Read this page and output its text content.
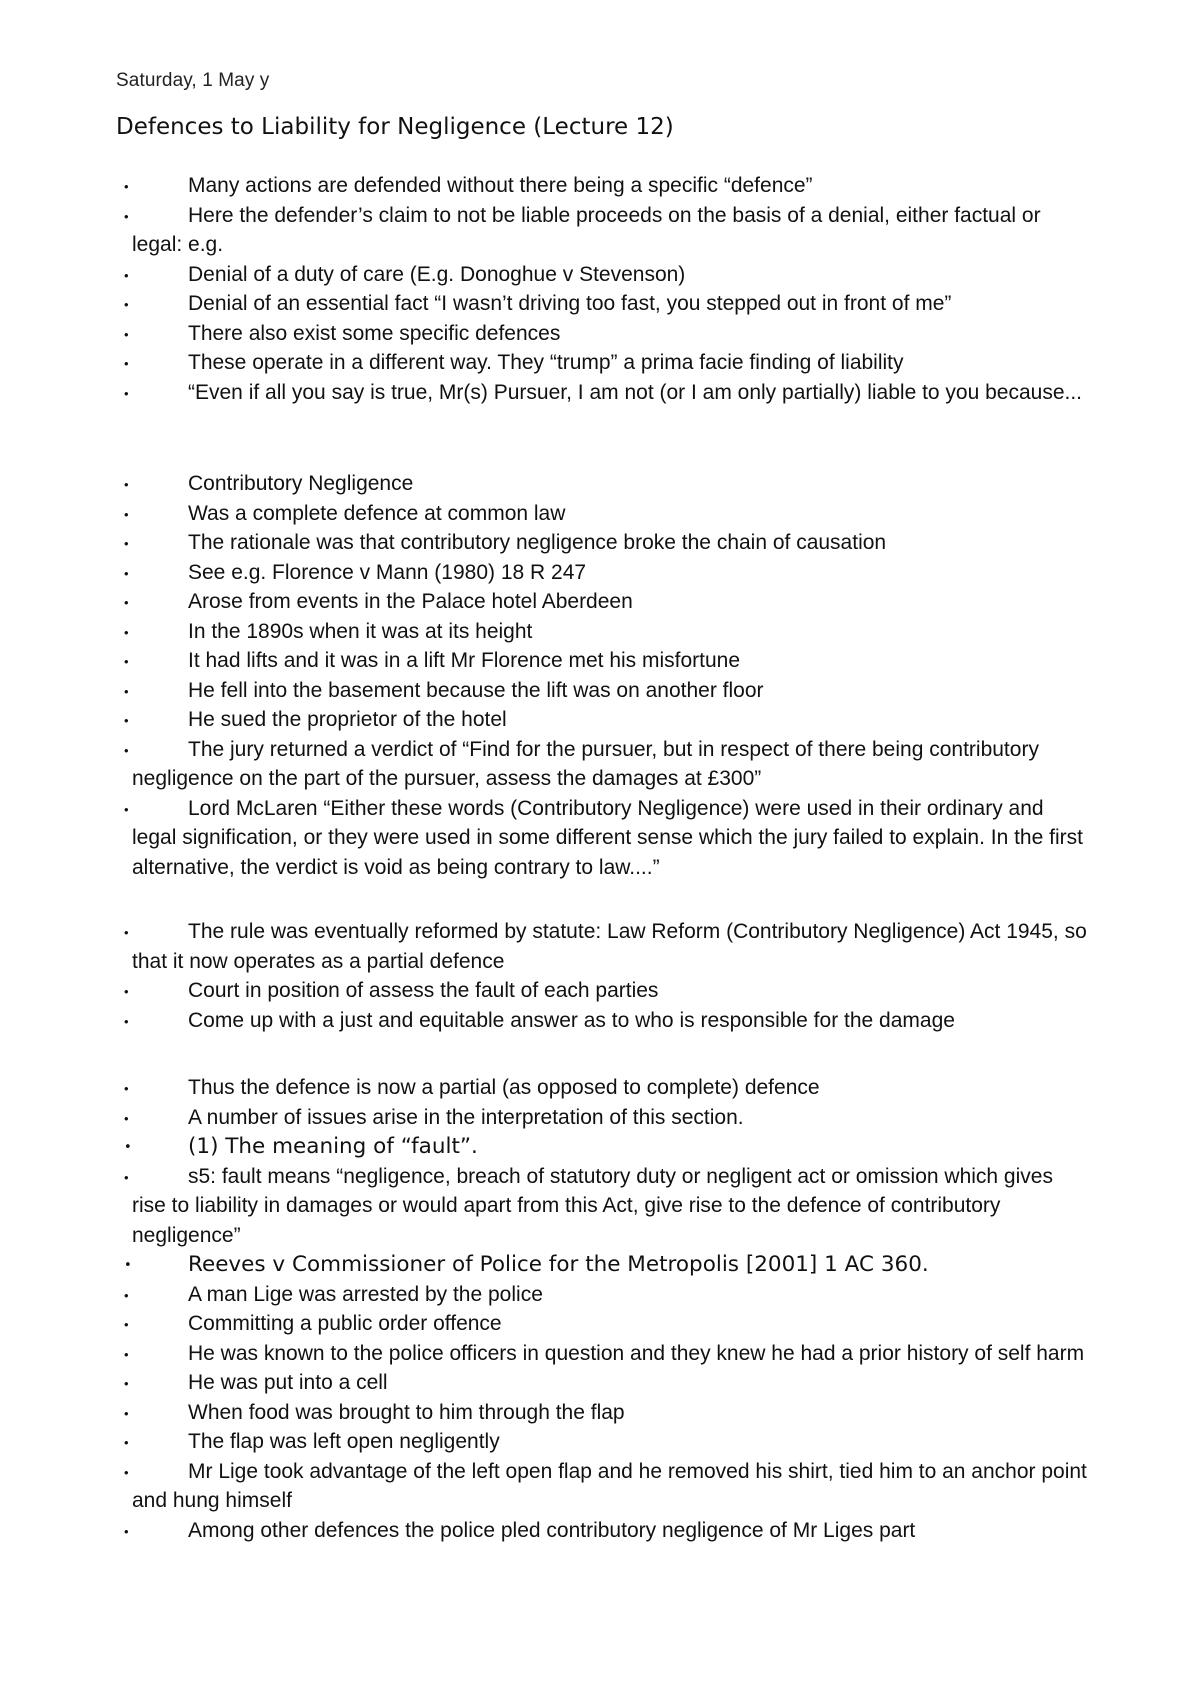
Saturday, 1 May y
Defences to Liability for Negligence (Lecture 12)
• Many actions are defended without there being a specific “defence”
• Here the defender’s claim to not be liable proceeds on the basis of a denial, either factual or legal: e.g.
• Denial of a duty of care (E.g. Donoghue v Stevenson)
• Denial of an essential fact “I wasn’t driving too fast, you stepped out in front of me”
• There also exist some specific defences
• These operate in a different way. They “trump” a prima facie finding of liability
• “Even if all you say is true, Mr(s) Pursuer, I am not (or I am only partially) liable to you because...
• Contributory Negligence
• Was a complete defence at common law
• The rationale was that contributory negligence broke the chain of causation
• See e.g. Florence v Mann (1980) 18 R 247
• Arose from events in the Palace hotel Aberdeen
• In the 1890s when it was at its height
• It had lifts and it was in a lift Mr Florence met his misfortune
• He fell into the basement because the lift was on another floor
• He sued the proprietor of the hotel
• The jury returned a verdict of “Find for the pursuer, but in respect of there being contributory negligence on the part of the pursuer, assess the damages at £300”
• Lord McLaren “Either these words (Contributory Negligence) were used in their ordinary and legal signification, or they were used in some different sense which the jury failed to explain. In the first alternative, the verdict is void as being contrary to law....”
• The rule was eventually reformed by statute: Law Reform (Contributory Negligence) Act 1945, so that it now operates as a partial defence
• Court in position of assess the fault of each parties
• Come up with a just and equitable answer as to who is responsible for the damage
• Thus the defence is now a partial (as opposed to complete) defence
• A number of issues arise in the interpretation of this section.
• (1) The meaning of “fault”.
• s5: fault means “negligence, breach of statutory duty or negligent act or omission which gives rise to liability in damages or would apart from this Act, give rise to the defence of contributory negligence”
• Reeves v Commissioner of Police for the Metropolis [2001] 1 AC 360.
• A man Lige was arrested by the police
• Committing a public order offence
• He was known to the police officers in question and they knew he had a prior history of self harm
• He was put into a cell
• When food was brought to him through the flap
• The flap was left open negligently
• Mr Lige took advantage of the left open flap and he removed his shirt, tied him to an anchor point and hung himself
• Among other defences the police pled contributory negligence of Mr Liges part
